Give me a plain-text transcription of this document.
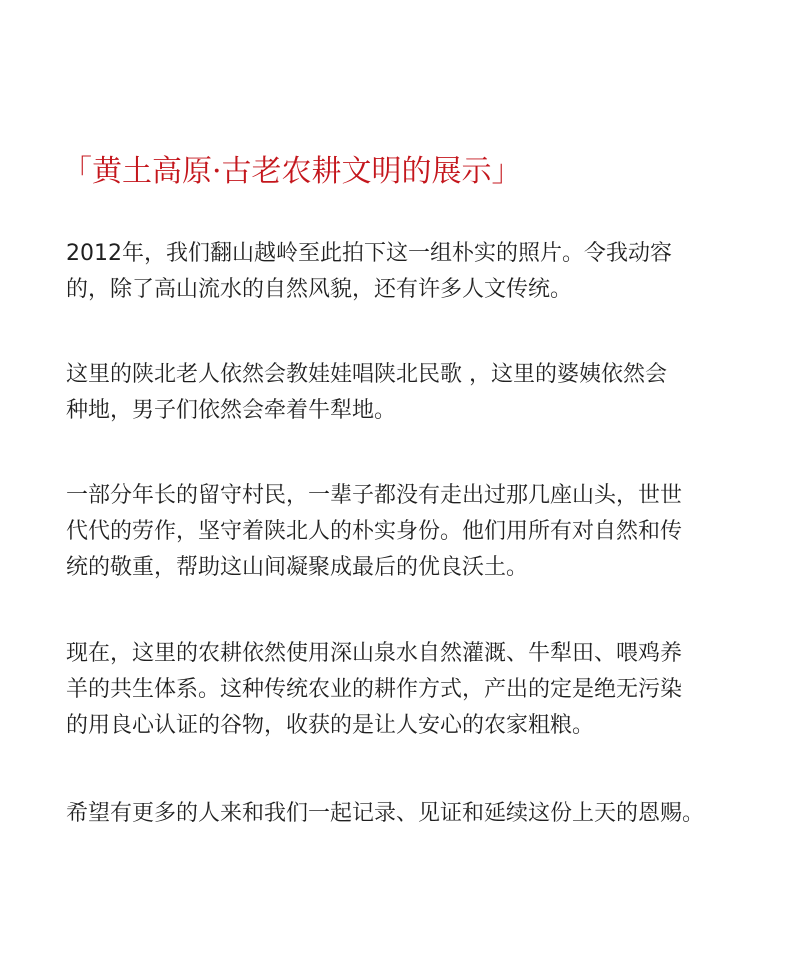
「黄土高原·古老农耕文明的展示」

2012年，我们翻山越岭至此拍下这一组朴实的照片。令我动容
的，除了高山流水的自然风貌，还有许多人文传统。

这里的陕北老人依然会教娃娃唱陕北民歌 ，这里的婆姨依然会
种地，男子们依然会牵着牛犁地。

一部分年长的留守村民，一辈子都没有走出过那几座山头，世世
代代的劳作，坚守着陕北人的朴实身份。他们用所有对自然和传
统的敬重，帮助这山间凝聚成最后的优良沃土。

现在，这里的农耕依然使用深山泉水自然灌溉、牛犁田、喂鸡养
羊的共生体系。这种传统农业的耕作方式，产出的定是绝无污染
的用良心认证的谷物，收获的是让人安心的农家粗粮。

希望有更多的人来和我们一起记录、见证和延续这份上天的恩赐。
